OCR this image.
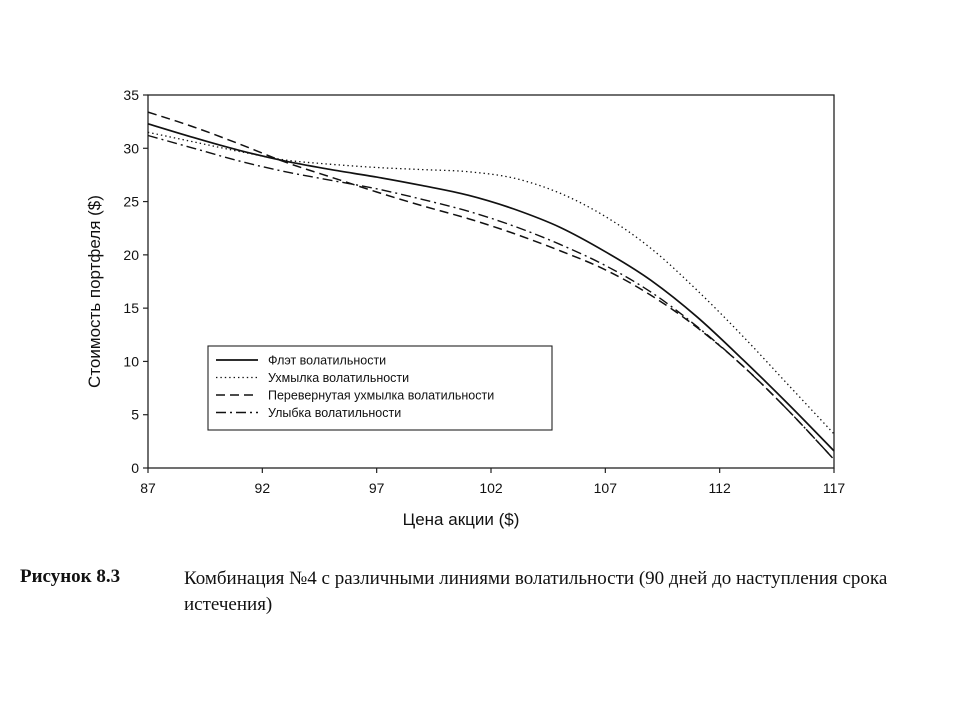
0
5
10
15
20
25
30
35
87	92	97	102	107	112	117
Цена акции ($)
Стоимость портфеля ($)	Флэт волатильности
Ухмылка волатильности
Перевернутая ухмылка волатильности
Улыбка волатильности
Рисунок 8.3	Комбинация №4 с различными линиями волатильности (90 дней до наступления срока истечения)
